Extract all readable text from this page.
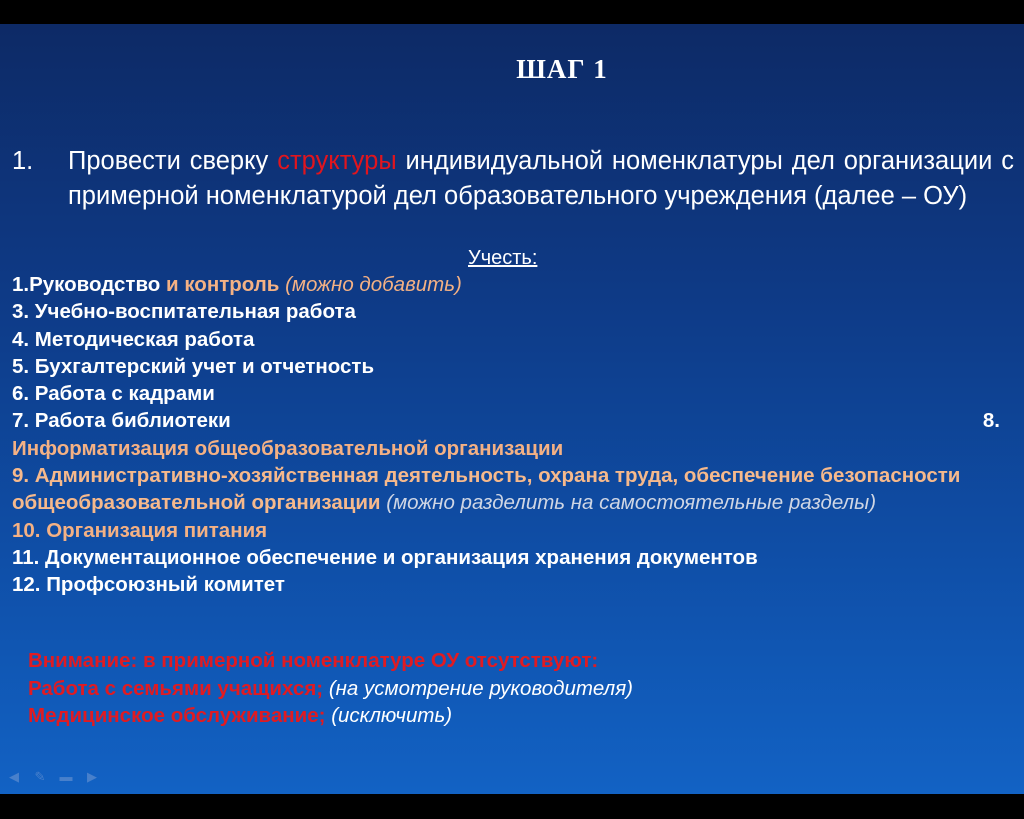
ШАГ 1
1. Провести сверку структуры индивидуальной номенклатуры дел организации с примерной номенклатурой дел образовательного учреждения (далее – ОУ)
Учесть:
1.Руководство и контроль (можно добавить)
3. Учебно-воспитательная работа
4. Методическая работа
5. Бухгалтерский учет и отчетность
6. Работа с кадрами
7. Работа библиотеки	8.
Информатизация общеобразовательной организации
9. Административно-хозяйственная деятельность, охрана труда, обеспечение безопасности общеобразовательной организации (можно разделить на самостоятельные разделы)
10. Организация питания
11. Документационное обеспечение и организация хранения документов
12. Профсоюзный комитет
Внимание: в примерной номенклатуре ОУ отсутствуют:
Работа с семьями учащихся; (на усмотрение руководителя)
Медицинское обслуживание; (исключить)
◀ ✎ ▬ ▶
